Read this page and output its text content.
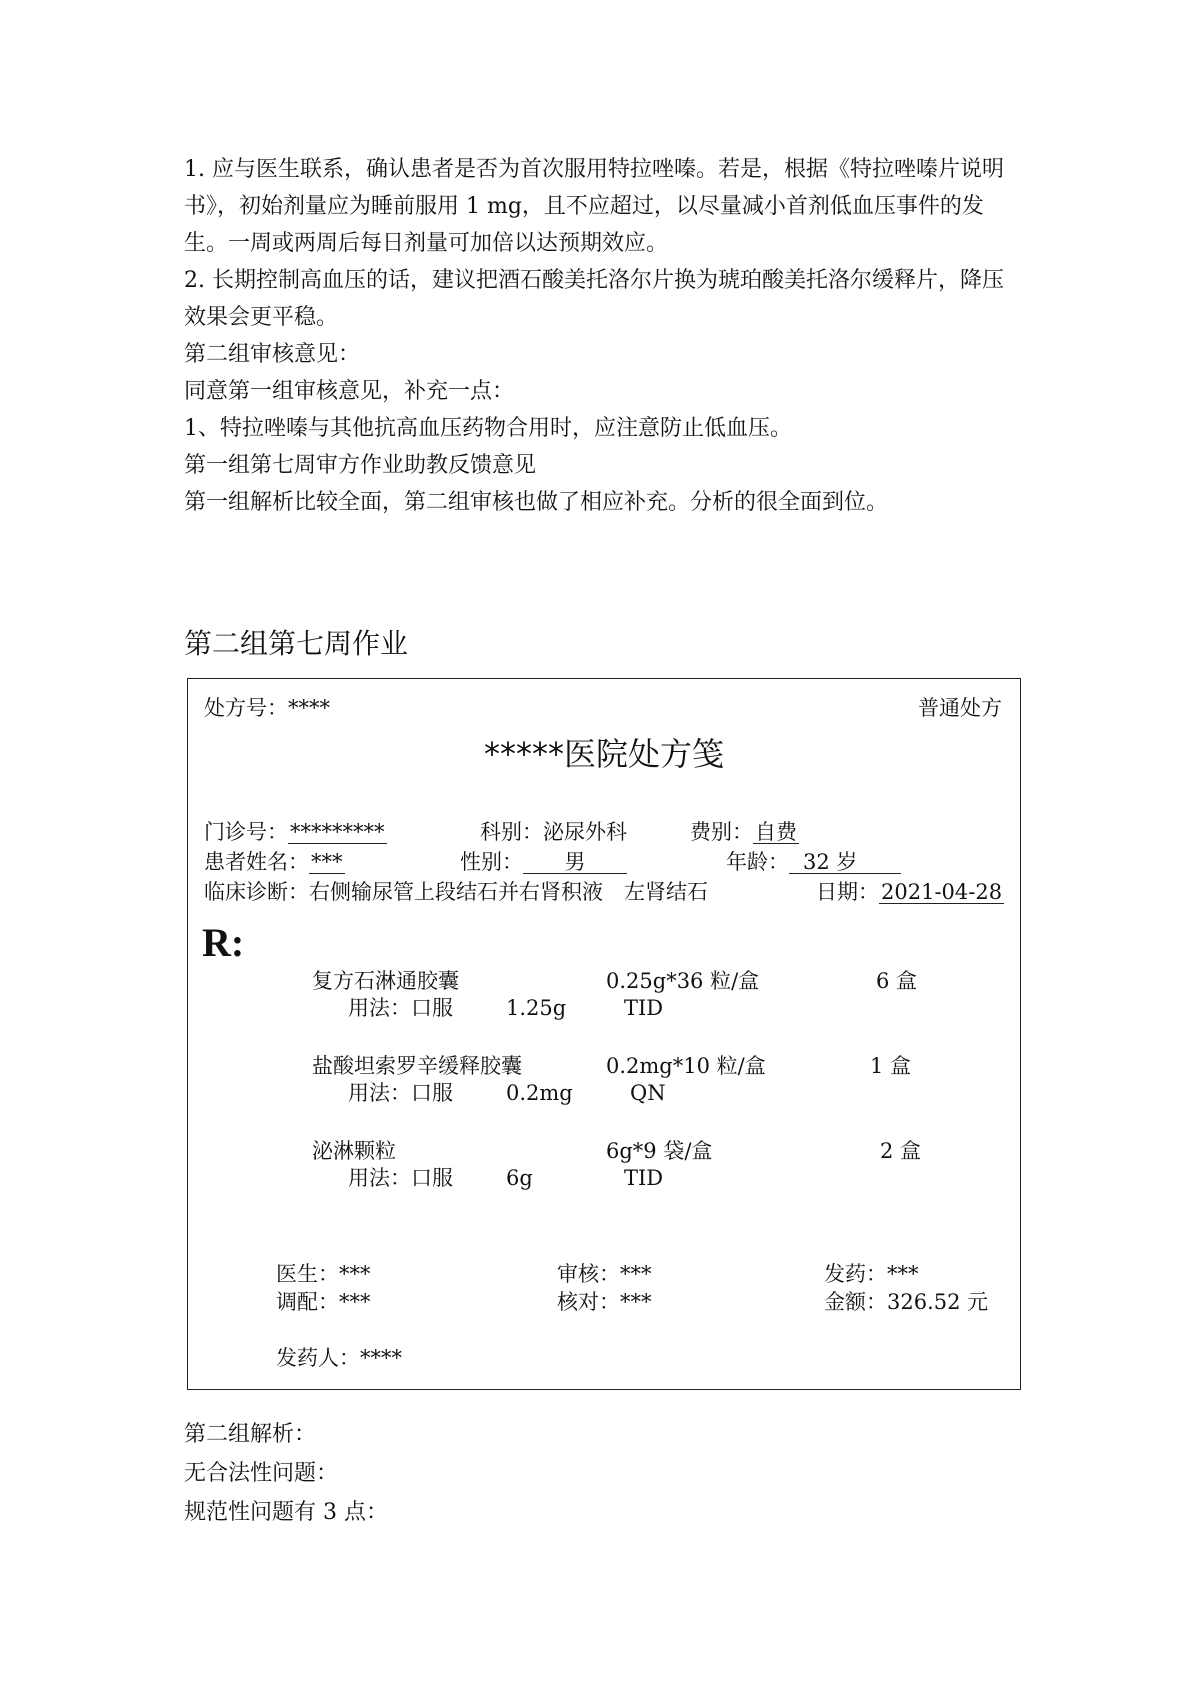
1. 应与医生联系，确认患者是否为首次服用特拉唑嗪。若是，根据《特拉唑嗪片说明书》，初始剂量应为睡前服用 1 mg，且不应超过，以尽量减小首剂低血压事件的发生。一周或两周后每日剂量可加倍以达预期效应。

2. 长期控制高血压的话，建议把酒石酸美托洛尔片换为琥珀酸美托洛尔缓释片，降压效果会更平稳。

第二组审核意见：

同意第一组审核意见，补充一点：

1、特拉唑嗪与其他抗高血压药物合用时，应注意防止低血压。

第一组第七周审方作业助教反馈意见

第一组解析比较全面，第二组审核也做了相应补充。分析的很全面到位。

第二组第七周作业
处方号：****	普通处方
*****医院处方笺
门诊号：*********	科别：泌尿外科	费别：自费
患者姓名：***	性别： 男	年龄： 32 岁
临床诊断：右侧输尿管上段结石并右肾积液　左肾结石	日期：2021-04-28
R:
复方石淋通胶囊	0.25g*36 粒/盒	6 盒
用法：口服	1.25g	TID
盐酸坦索罗辛缓释胶囊	0.2mg*10 粒/盒	1 盒
用法：口服	0.2mg	QN
泌淋颗粒	6g*9 袋/盒	2 盒
用法：口服	6g	TID
医生：***	审核：***	发药：***
调配：***	核对：***	金额：326.52 元
发药人：****

第二组解析：

无合法性问题：

规范性问题有 3 点：
